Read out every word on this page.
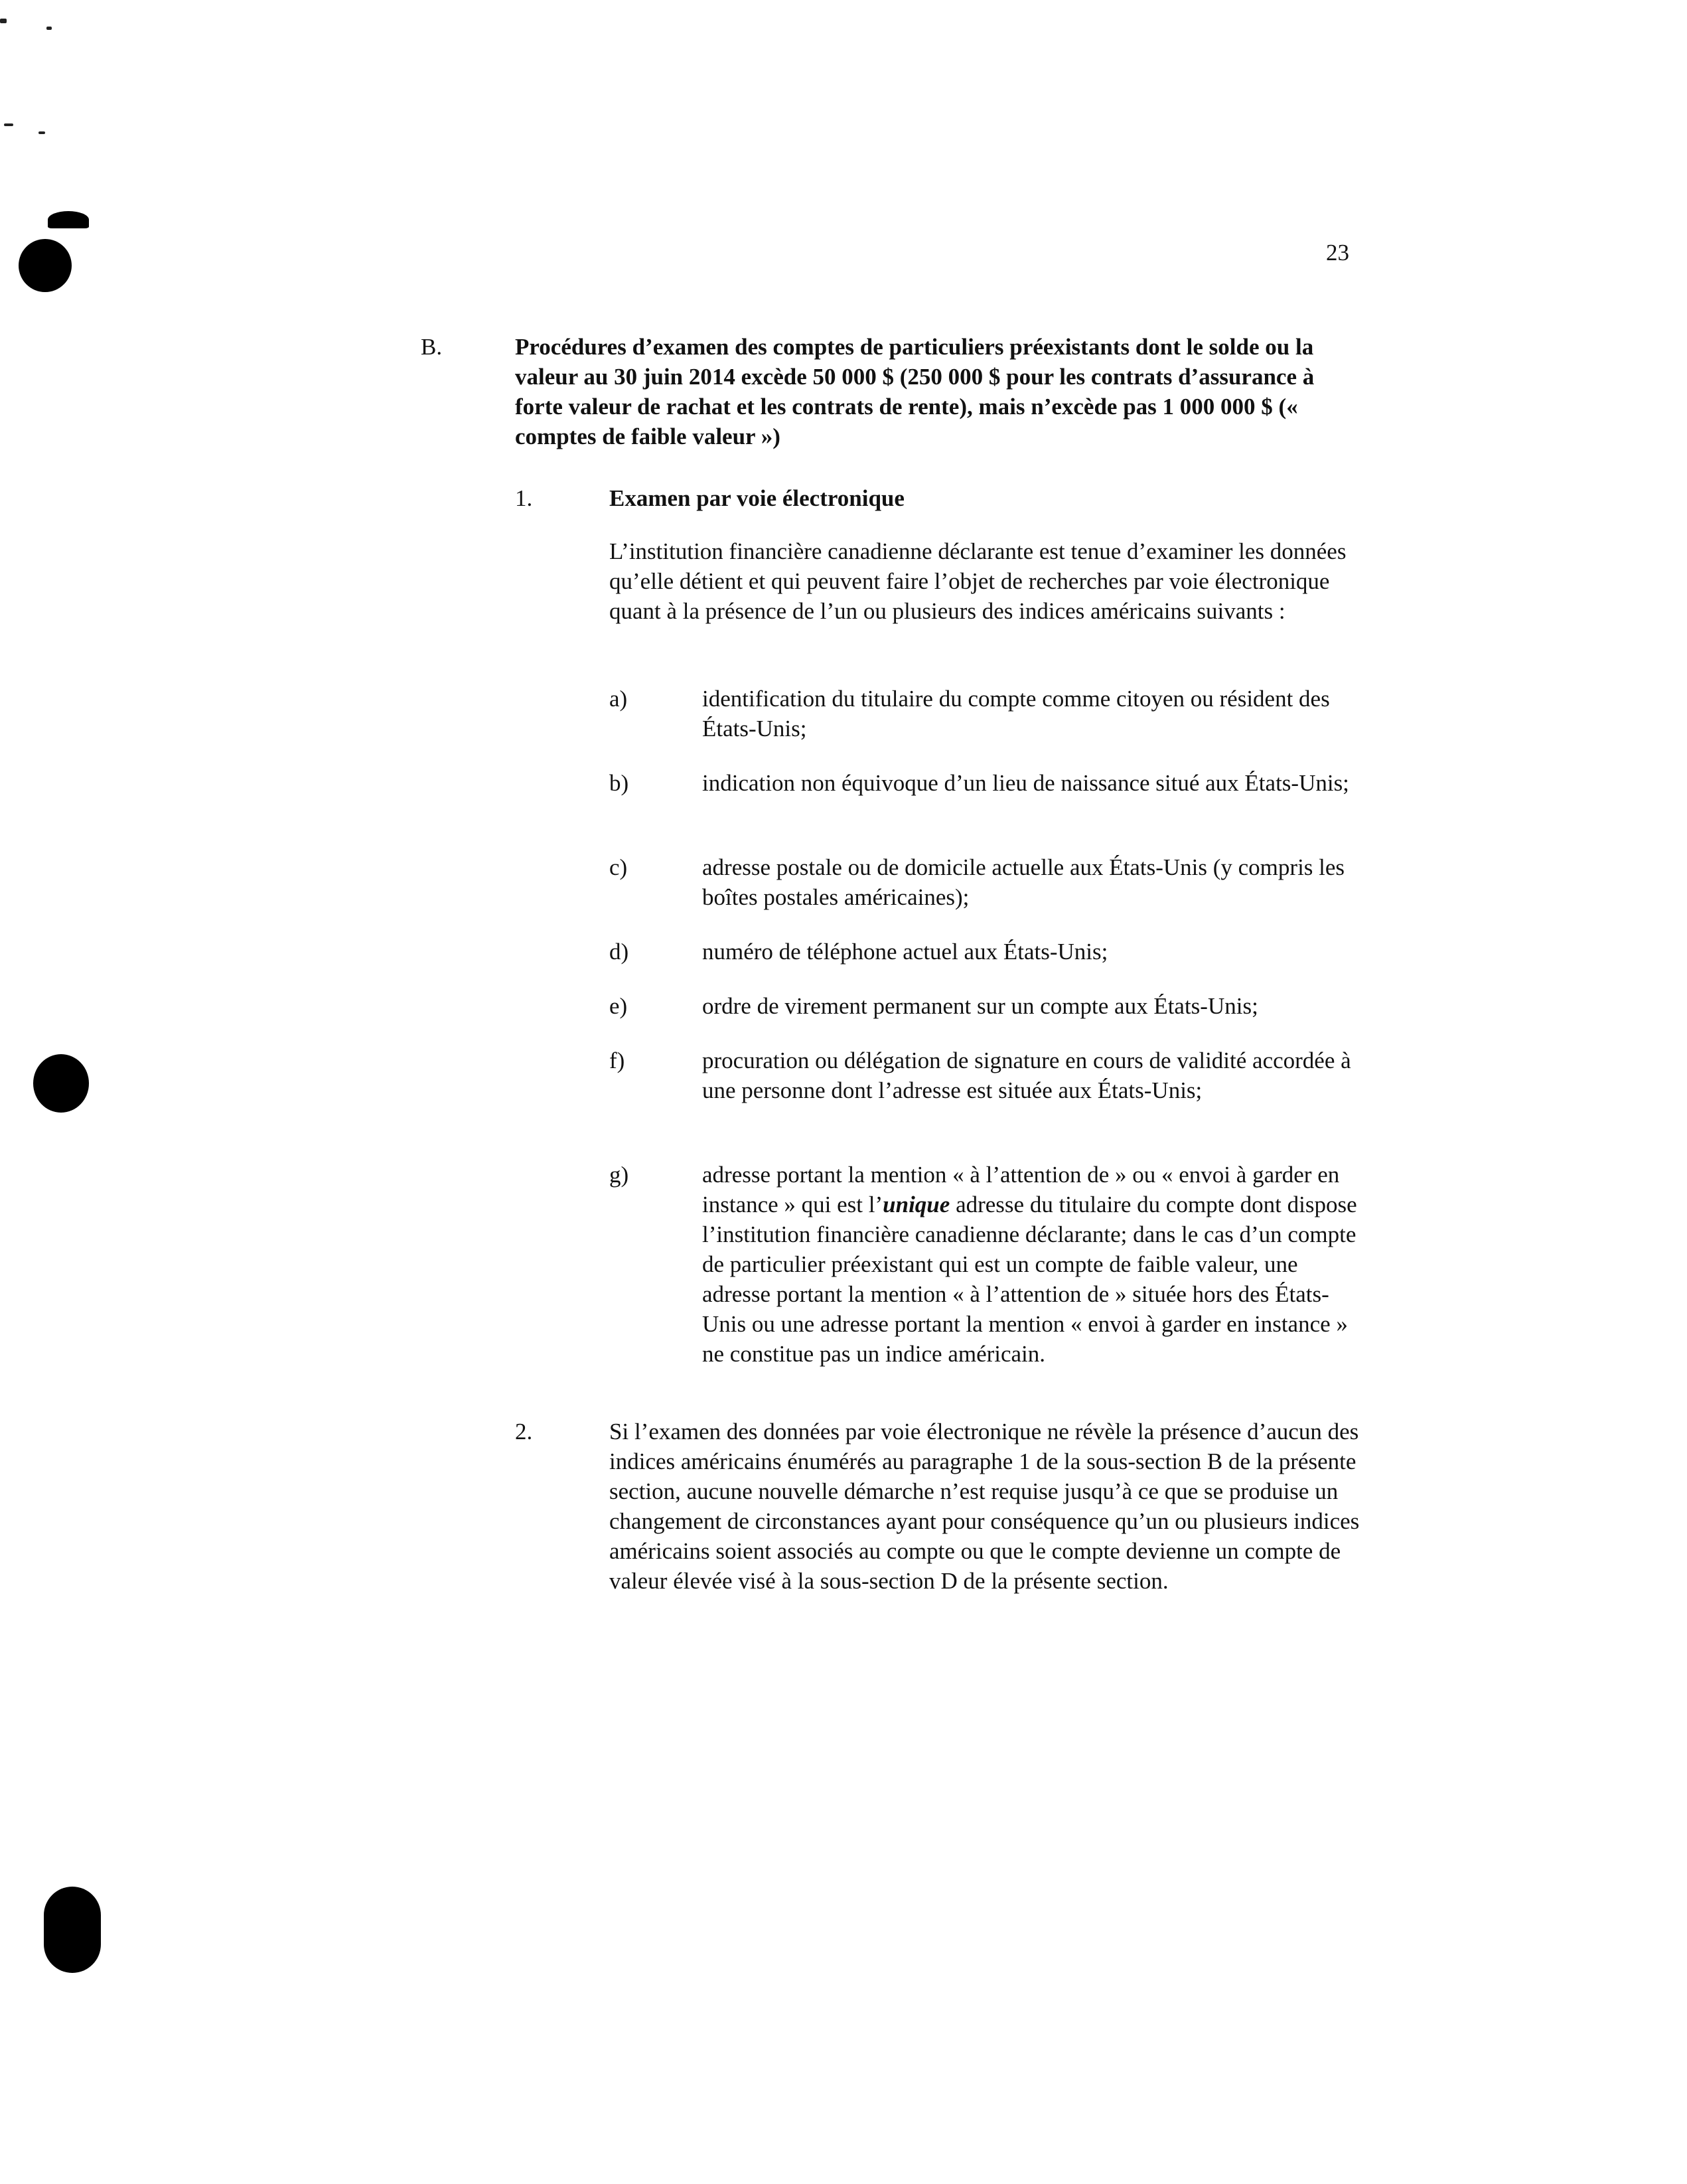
23
B.	Procédures d’examen des comptes de particuliers préexistants dont le solde ou la valeur au 30 juin 2014 excède 50 000 $ (250 000 $ pour les contrats d’assurance à forte valeur de rachat et les contrats de rente), mais n’excède pas 1 000 000 $ (« comptes de faible valeur »)
1.	Examen par voie électronique
L’institution financière canadienne déclarante est tenue d’examiner les données qu’elle détient et qui peuvent faire l’objet de recherches par voie électronique quant à la présence de l’un ou plusieurs des indices américains suivants :
a)	identification du titulaire du compte comme citoyen ou résident des États-Unis;
b)	indication non équivoque d’un lieu de naissance situé aux États-Unis;
c)	adresse postale ou de domicile actuelle aux États-Unis (y compris les boîtes postales américaines);
d)	numéro de téléphone actuel aux États-Unis;
e)	ordre de virement permanent sur un compte aux États-Unis;
f)	procuration ou délégation de signature en cours de validité accordée à une personne dont l’adresse est située aux États-Unis;
g)	adresse portant la mention « à l’attention de » ou « envoi à garder en instance » qui est l’unique adresse du titulaire du compte dont dispose l’institution financière canadienne déclarante; dans le cas d’un compte de particulier préexistant qui est un compte de faible valeur, une adresse portant la mention « à l’attention de » située hors des États-Unis ou une adresse portant la mention « envoi à garder en instance » ne constitue pas un indice américain.
2.	Si l’examen des données par voie électronique ne révèle la présence d’aucun des indices américains énumérés au paragraphe 1 de la sous-section B de la présente section, aucune nouvelle démarche n’est requise jusqu’à ce que se produise un changement de circonstances ayant pour conséquence qu’un ou plusieurs indices américains soient associés au compte ou que le compte devienne un compte de valeur élevée visé à la sous-section D de la présente section.
